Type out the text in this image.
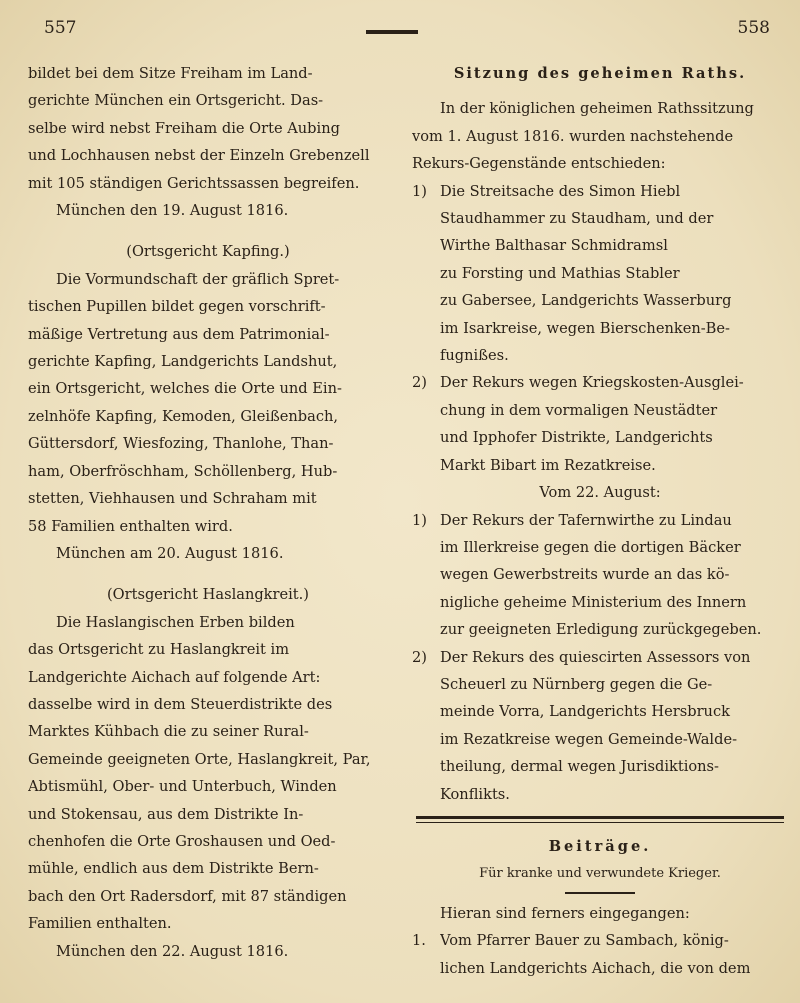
557	558
bildet bei dem Sitze Freiham im Land-
gerichte München ein Ortsgericht. Das-
selbe wird nebst Freiham die Orte Aubing
und Lochhausen nebst der Einzeln Grebenzell
mit 105 ständigen Gerichtssassen begreifen.
München den 19. August 1816.
(Ortsgericht Kapfing.)
Die Vormundschaft der gräflich Spret-
tischen Pupillen bildet gegen vorschrift-
mäßige Vertretung aus dem Patrimonial-
gerichte Kapfing, Landgerichts Landshut,
ein Ortsgericht, welches die Orte und Ein-
zelnhöfe Kapfing, Kemoden, Gleißenbach,
Güttersdorf, Wiesfozing, Thanlohe, Than-
ham, Oberfröschham, Schöllenberg, Hub-
stetten, Viehhausen und Schraham mit
58 Familien enthalten wird.
München am 20. August 1816.
(Ortsgericht Haslangkreit.)
Die Haslangischen Erben bilden
das Ortsgericht zu Haslangkreit im
Landgerichte Aichach auf folgende Art:
dasselbe wird in dem Steuerdistrikte des
Marktes Kühbach die zu seiner Rural-
Gemeinde geeigneten Orte, Haslangkreit, Par,
Abtismühl, Ober- und Unterbuch, Winden
und Stokensau, aus dem Distrikte In-
chenhofen die Orte Groshausen und Oed-
mühle, endlich aus dem Distrikte Bern-
bach den Ort Radersdorf, mit 87 ständigen
Familien enthalten.
München den 22. August 1816.
Sitzung des geheimen Raths.
In der königlichen geheimen Rathssitzung
vom 1. August 1816. wurden nachstehende
Rekurs-Gegenstände entschieden:
1) Die Streitsache des Simon Hiebl
Staudhammer zu Staudham, und der
Wirthe Balthasar Schmidramsl
zu Forsting und Mathias Stabler
zu Gabersee, Landgerichts Wasserburg
im Isarkreise, wegen Bierschenken-Be-
fugnißes.
2) Der Rekurs wegen Kriegskosten-Ausglei-
chung in dem vormaligen Neustädter
und Ipphofer Distrikte, Landgerichts
Markt Bibart im Rezatkreise.
Vom 22. August:
1) Der Rekurs der Tafernwirthe zu Lindau
im Illerkreise gegen die dortigen Bäcker
wegen Gewerbstreits wurde an das kö-
nigliche geheime Ministerium des Innern
zur geeigneten Erledigung zurückgegeben.
2) Der Rekurs des quiescirten Assessors von
Scheuerl zu Nürnberg gegen die Ge-
meinde Vorra, Landgerichts Hersbruck
im Rezatkreise wegen Gemeinde-Walde-
theilung, dermal wegen Jurisdiktions-
Konflikts.
Beiträge.
Für kranke und verwundete Krieger.
Hieran sind ferners eingegangen:
1. Vom Pfarrer Bauer zu Sambach, könig-
lichen Landgerichts Aichach, die von dem
